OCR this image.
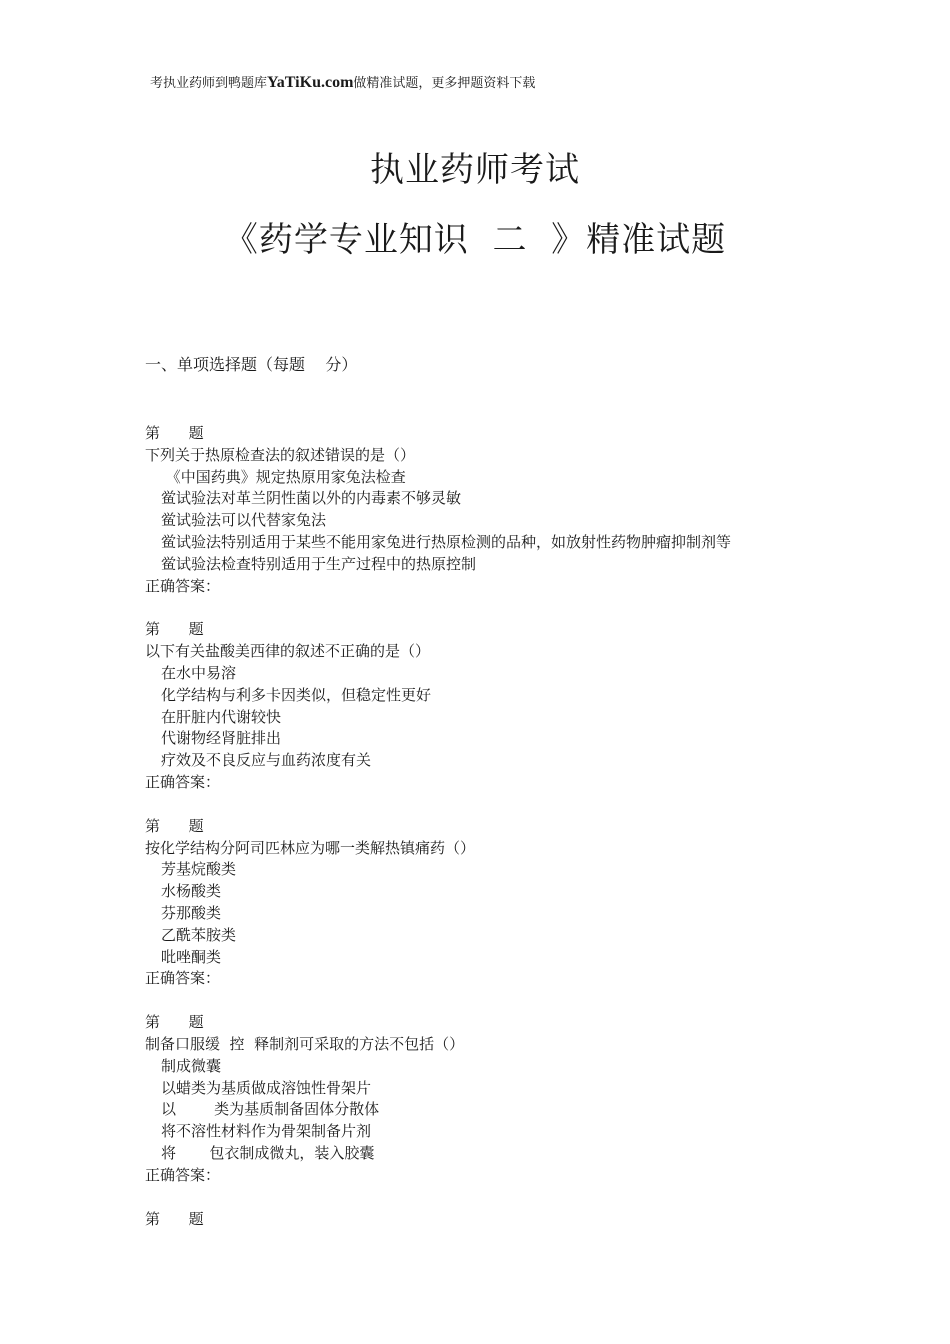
考执业药师到鸭题库YaTiKu.com做精准试题，更多押题资料下载
执业药师考试
《药学专业知识  二  》精准试题
一、单项选择题（每题    分）
第      题
下列关于热原检查法的叙述错误的是（）
《中国药典》规定热原用家兔法检查
鲎试验法对革兰阴性菌以外的内毒素不够灵敏
鲎试验法可以代替家兔法
鲎试验法特别适用于某些不能用家兔进行热原检测的品种，如放射性药物肿瘤抑制剂等
鲎试验法检查特别适用于生产过程中的热原控制
正确答案：
第      题
以下有关盐酸美西律的叙述不正确的是（）
在水中易溶
化学结构与利多卡因类似，但稳定性更好
在肝脏内代谢较快
代谢物经肾脏排出
疗效及不良反应与血药浓度有关
正确答案：
第      题
按化学结构分阿司匹林应为哪一类解热镇痛药（）
芳基烷酸类
水杨酸类
芬那酸类
乙酰苯胺类
吡唑酮类
正确答案：
第      题
制备口服缓  控  释制剂可采取的方法不包括（）
制成微囊
以蜡类为基质做成溶蚀性骨架片
以        类为基质制备固体分散体
将不溶性材料作为骨架制备片剂
将       包衣制成微丸，装入胶囊
正确答案：
第      题
